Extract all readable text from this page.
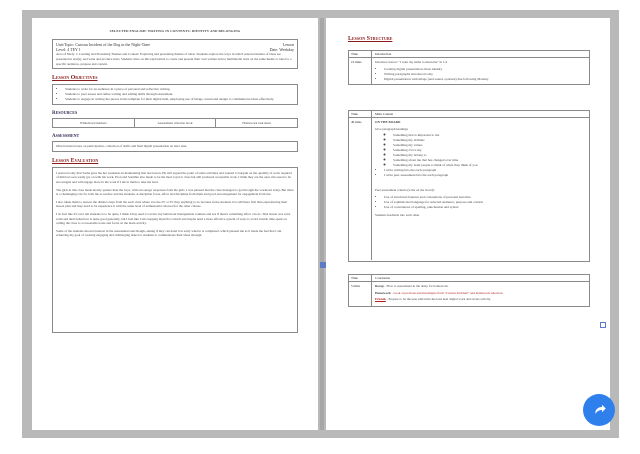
SELECTED ENGLISH: WRITING IN CONTENTS: IDENTITY AND BELONGING
Unit/Topic: Curious Incident of the Dog in the Night-Time	Lesson
Level: 4 TEY 1	Date: Weekday
Area of Study 1: Creating and Presenting Themes and Context: Exploring and presenting themes of ideas. Students explore the ways in which selected themes of ideas are presented in text(s), and write and produce texts. Students draw on this exploration to create and present their own written and/or multimodal texts on the same theme or idea for a specific audience, purpose and context.
Lesson Objectives
• Students to write for an audience in a piece of personal and reflective writing.
• Students to peer assess and refine writing and editing skills through assessment.
• Students to engage in writing the pieces in the template for their digital item, employing use of image, sound and design to communicate ideas effectively.
Resources
Whiteboard markers	Assessment criterion book	Homework task sheet
Assessment
Observational notes on participation, collection of drafts and final digital presentation on later date.
Lesson Evaluation

I noticed today that Sasha gave me her weakness in maintaining that last lesson. He still argued the point of some activities and wanted to bargain on the quantity of work required of him but soon easily got on with his work. Eron and Sonithia also made to be the most loyal to class but still produced acceptable work. I think they are the ones who need to be encouraged and will engage more in the work if I allow them to take the lead.

The girls in this class made mostly quieter than the boys, with encourage responses from the girls. I was pleased that the class managed to get through the workload today. But there is a challenging role for both me as teacher and the students. A discipline focus, effort and discipline from them and good encouragement for engagement from me.

I also taken them to answer the distinct steps from the each class where it is the 25' or 35' they anything to do because in the students it is still there first than experiencing their lesson plan and they need to be experience it with the same level of enthusiasm I showed for the other classes.

I do feel like if I ever tell students is to be quite, I think I may need to review my behaviour management routines and see if there's something effect can do. This lesson was sold-solid and their behaviour is quite good generally, but I feel like I am stopping myself too much and maybe need a more effective system of ways to avoid trouble time spent on calling the class to a reasonable noise and focus on the main activity.

Some of the students showed interest in the assessment task though, asking if they can hand it in early when it is completed, which pleased me as it made me feel that I am achieving my goal of creating engaging and challenging tasks for students to communicate their ideas through.

Lesson Structure
Time	Introduction
10 mins	Introduce lesson: "I want my name to mean me" in 1/4

• Creating digital presentation about identity
• Writing paragraphs structured today
• Digital presentation with image (and sound, optional) due following Monday
Time	Main Content
40 mins	ON THE BOARD

Give paragraph headings

◦ Something that is important to me
◦ Something my abilities
◦ Something my values
◦ Something I love my
◦ Something my belong to
◦ Something about me that has changed over time
◦ Something my team people to think of when they think of you
• I write writing into the each paragraph
• I write peer assessment into the each paragraph

Peer assessment criteria (write on the board):

• Use of structured features and conventions of personal narrative
• Use of sophisticated language for selected audience, purpose and context
• Use of conventions of spelling, punctuation and syntax

Students feedback into each other

Time	Conclusion
5 mins	Recap - How to assessment in the delay for homework.

Homework - Look at previous and investigate from "Curious Incident" and homework selection.

Friends - Prepare to be the peer edit/write the lead next digital work and revise activity.
